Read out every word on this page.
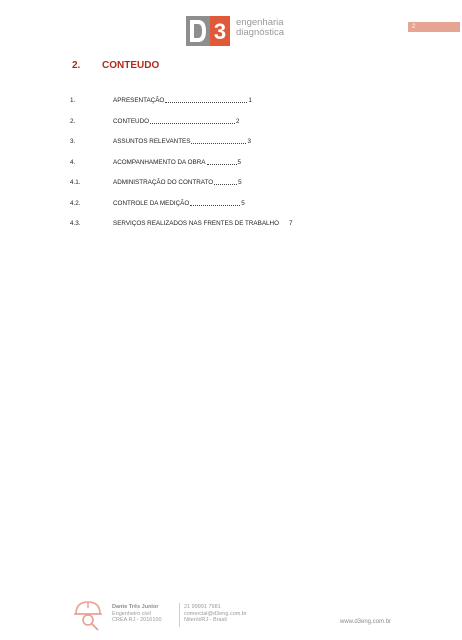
3 engenharia
diagnóstica	2
2. CONTEUDO
1.	APRESENTAÇÃO	1
2.	CONTEUDO	2
3.	ASSUNTOS RELEVANTES	3
4.	ACOMPANHAMENTO DA OBRA	5
4.1.	ADMINISTRAÇÃO DO CONTRATO	5
4.2.	CONTROLE DA MEDIÇÃO	5
4.3.	SERVIÇOS REALIZADOS NAS FRENTES DE TRABALHO 7
Dante Três Junior
Engenheiro civil
CREA RJ - 2016100
21 99991 7981
comercial@d3eng.com.br
Niterói/RJ - Brasil	www.d3eng.com.br
